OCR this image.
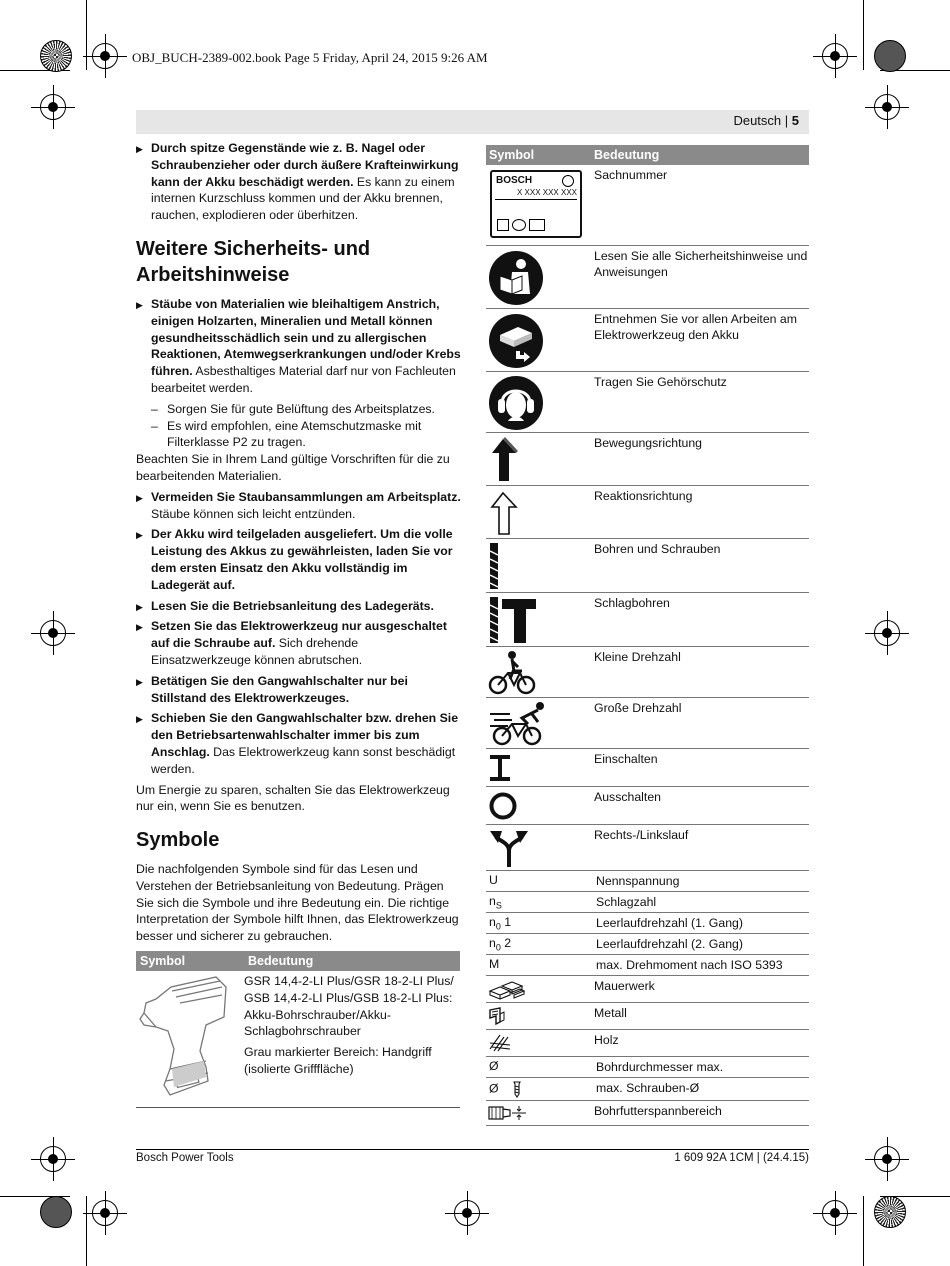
OBJ_BUCH-2389-002.book Page 5 Friday, April 24, 2015 9:26 AM
Deutsch | 5
▶ Durch spitze Gegenstände wie z. B. Nagel oder Schraubenzieher oder durch äußere Krafteinwirkung kann der Akku beschädigt werden. Es kann zu einem internen Kurzschluss kommen und der Akku brennen, rauchen, explodieren oder überhitzen.
Weitere Sicherheits- und Arbeitshinweise
▶ Stäube von Materialien wie bleihaltigem Anstrich, einigen Holzarten, Mineralien und Metall können gesundheitsschädlich sein und zu allergischen Reaktionen, Atemwegserkrankungen und/oder Krebs führen. Asbesthaltiges Material darf nur von Fachleuten bearbeitet werden.
– Sorgen Sie für gute Belüftung des Arbeitsplatzes.
– Es wird empfohlen, eine Atemschutzmaske mit Filterklasse P2 zu tragen.
Beachten Sie in Ihrem Land gültige Vorschriften für die zu bearbeitenden Materialien.
▶ Vermeiden Sie Staubansammlungen am Arbeitsplatz. Stäube können sich leicht entzünden.
▶ Der Akku wird teilgeladen ausgeliefert. Um die volle Leistung des Akkus zu gewährleisten, laden Sie vor dem ersten Einsatz den Akku vollständig im Ladegerät auf.
▶ Lesen Sie die Betriebsanleitung des Ladegeräts.
▶ Setzen Sie das Elektrowerkzeug nur ausgeschaltet auf die Schraube auf. Sich drehende Einsatzwerkzeuge können abrutschen.
▶ Betätigen Sie den Gangwahlschalter nur bei Stillstand des Elektrowerkzeuges.
▶ Schieben Sie den Gangwahlschalter bzw. drehen Sie den Betriebsartenwahlschalter immer bis zum Anschlag. Das Elektrowerkzeug kann sonst beschädigt werden.
Um Energie zu sparen, schalten Sie das Elektrowerkzeug nur ein, wenn Sie es benutzen.
Symbole
Die nachfolgenden Symbole sind für das Lesen und Verstehen der Betriebsanleitung von Bedeutung. Prägen Sie sich die Symbole und ihre Bedeutung ein. Die richtige Interpretation der Symbole hilft Ihnen, das Elektrowerkzeug besser und sicherer zu gebrauchen.
Symbol	Bedeutung
GSR 14,4-2-LI Plus/GSR 18-2-LI Plus/ GSB 14,4-2-LI Plus/GSB 18-2-LI Plus: Akku-Bohrschrauber/Akku-Schlagbohrschrauber
Grau markierter Bereich: Handgriff (isolierte Grifffläche)
Symbol	Bedeutung
BOSCH
X XXX XXX XXX
Sachnummer
Lesen Sie alle Sicherheitshinweise und Anweisungen
Entnehmen Sie vor allen Arbeiten am Elektrowerkzeug den Akku
Tragen Sie Gehörschutz
Bewegungsrichtung
Reaktionsrichtung
Bohren und Schrauben
Schlagbohren
Kleine Drehzahl
Große Drehzahl
Einschalten
Ausschalten
Rechts-/Linkslauf
U	Nennspannung
$n_S$	Schlagzahl
$n_0$ 1	Leerlaufdrehzahl (1. Gang)
$n_0$ 2	Leerlaufdrehzahl (2. Gang)
M	max. Drehmoment nach ISO 5393
Mauerwerk
Metall
Holz
Ø	Bohrdurchmesser max.
Ø	max. Schrauben-Ø
Bohrfutterspannbereich
Bosch Power Tools	1 609 92A 1CM | (24.4.15)
